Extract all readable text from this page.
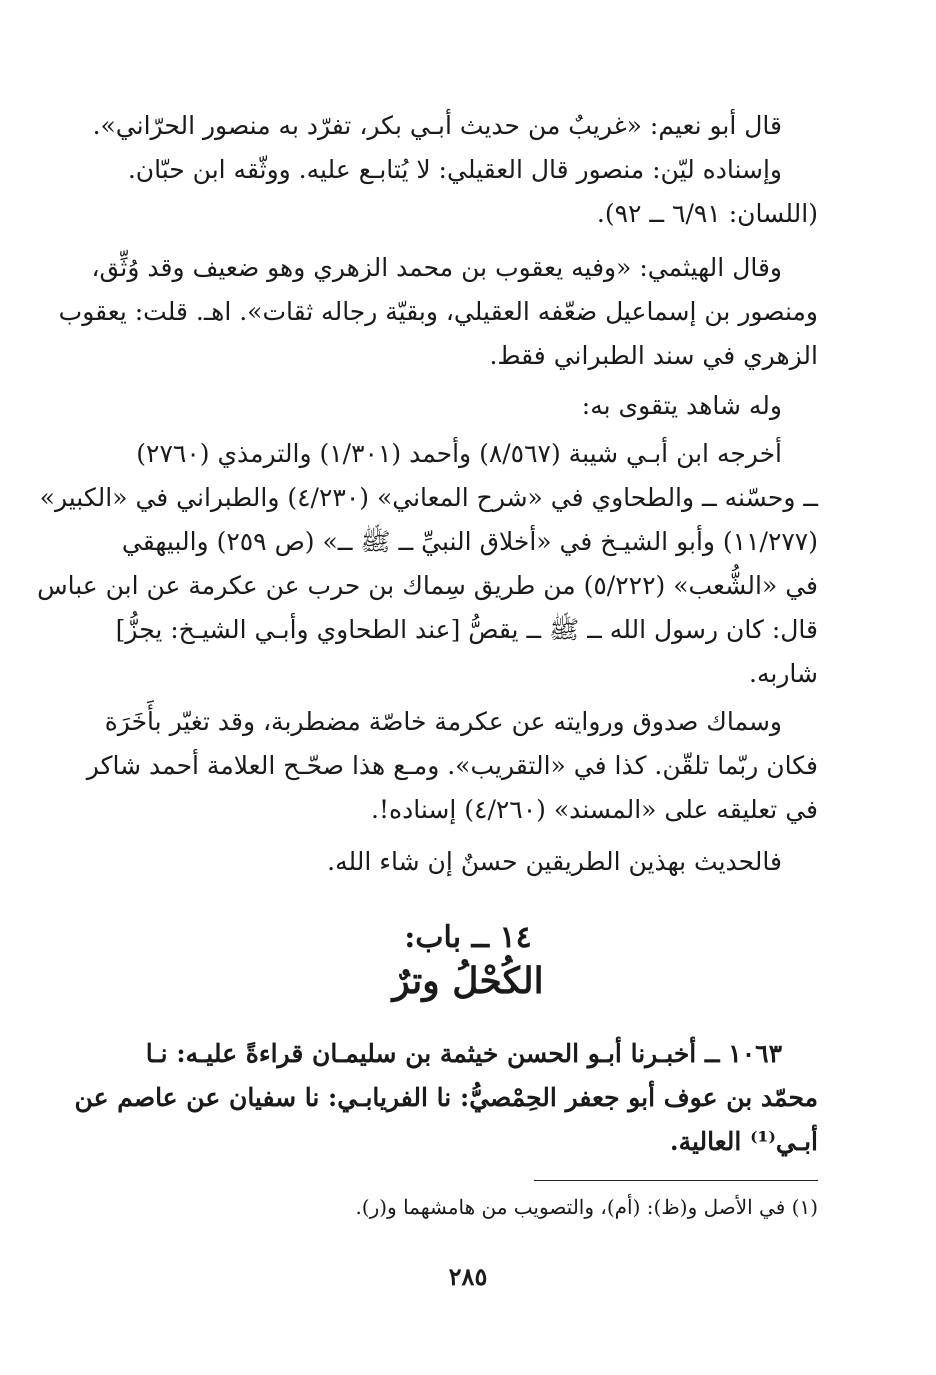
قال أبو نعيم: «غريبٌ من حديث أبـي بكر، تفرّد به منصور الحرّاني».
وإسناده ليّن: منصور قال العقيلي: لا يُتابـع عليه. ووثّقه ابن حبّان.
(اللسان: ٦/٩١ ــ ٩٢).
وقال الهيثمي: «وفيه يعقوب بن محمد الزهري وهو ضعيف وقد وُثِّق،
ومنصور بن إسماعيل ضعّفه العقيلي، وبقيّة رجاله ثقات». اهـ. قلت: يعقوب
الزهري في سند الطبراني فقط.
وله شاهد يتقوى به:
أخرجه ابن أبـي شيبة (٨/٥٦٧) وأحمد (١/٣٠١) والترمذي (٢٧٦٠)
ــ وحسّنه ــ والطحاوي في «شرح المعاني» (٤/٢٣٠) والطبراني في «الكبير»
(١١/٢٧٧) وأبو الشيـخ في «أخلاق النبيِّ ــ ﷺ ــ» (ص ٢٥٩) والبيهقي
في «الشُّعب» (٥/٢٢٢) من طريق سِماك بن حرب عن عكرمة عن ابن عباس
قال: كان رسول الله ــ ﷺ ــ يقصُّ [عند الطحاوي وأبـي الشيـخ: يجزُّ]
شاربه.
وسماك صدوق وروايته عن عكرمة خاصّة مضطربة، وقد تغيّر بأَخَرَة
فكان ربّما تلقّن. كذا في «التقريب». ومـع هذا صحّـح العلامة أحمد شاكر
في تعليقه على «المسند» (٤/٢٦٠) إسناده!.
فالحديث بهذين الطريقين حسنٌ إن شاء الله.
١٤ ــ باب:
الكُحْلُ وترٌ
١٠٦٣ ــ أخبـرنا أبـو الحسن خيثمة بن سليمـان قراءةً عليـه: نـا
محمّد بن عوف أبو جعفر الحِمْصيُّ: نا الفريابـي: نا سفيان عن عاصم عن
أبـي⁽¹⁾ العالية.
(١) في الأصل و(ظ): (أم)، والتصويب من هامشهما و(ر).
٢٨٥
